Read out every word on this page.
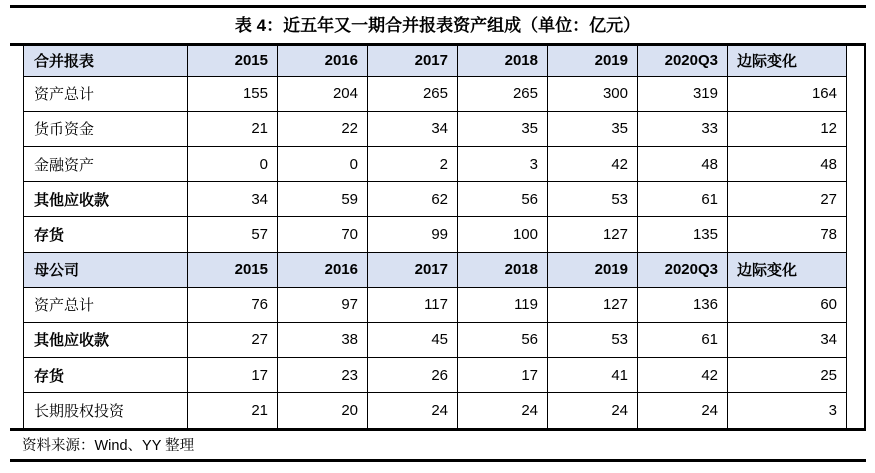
表 4：近五年又一期合并报表资产组成（单位：亿元）
合并报表	2015	2016	2017	2018	2019	2020Q3	边际变化
资产总计	155	204	265	265	300	319	164
货币资金	21	22	34	35	35	33	12
金融资产	0	0	2	3	42	48	48
其他应收款	34	59	62	56	53	61	27
存货	57	70	99	100	127	135	78
母公司	2015	2016	2017	2018	2019	2020Q3	边际变化
资产总计	76	97	117	119	127	136	60
其他应收款	27	38	45	56	53	61	34
存货	17	23	26	17	41	42	25
长期股权投资	21	20	24	24	24	24	3
资料来源：Wind、YY 整理
